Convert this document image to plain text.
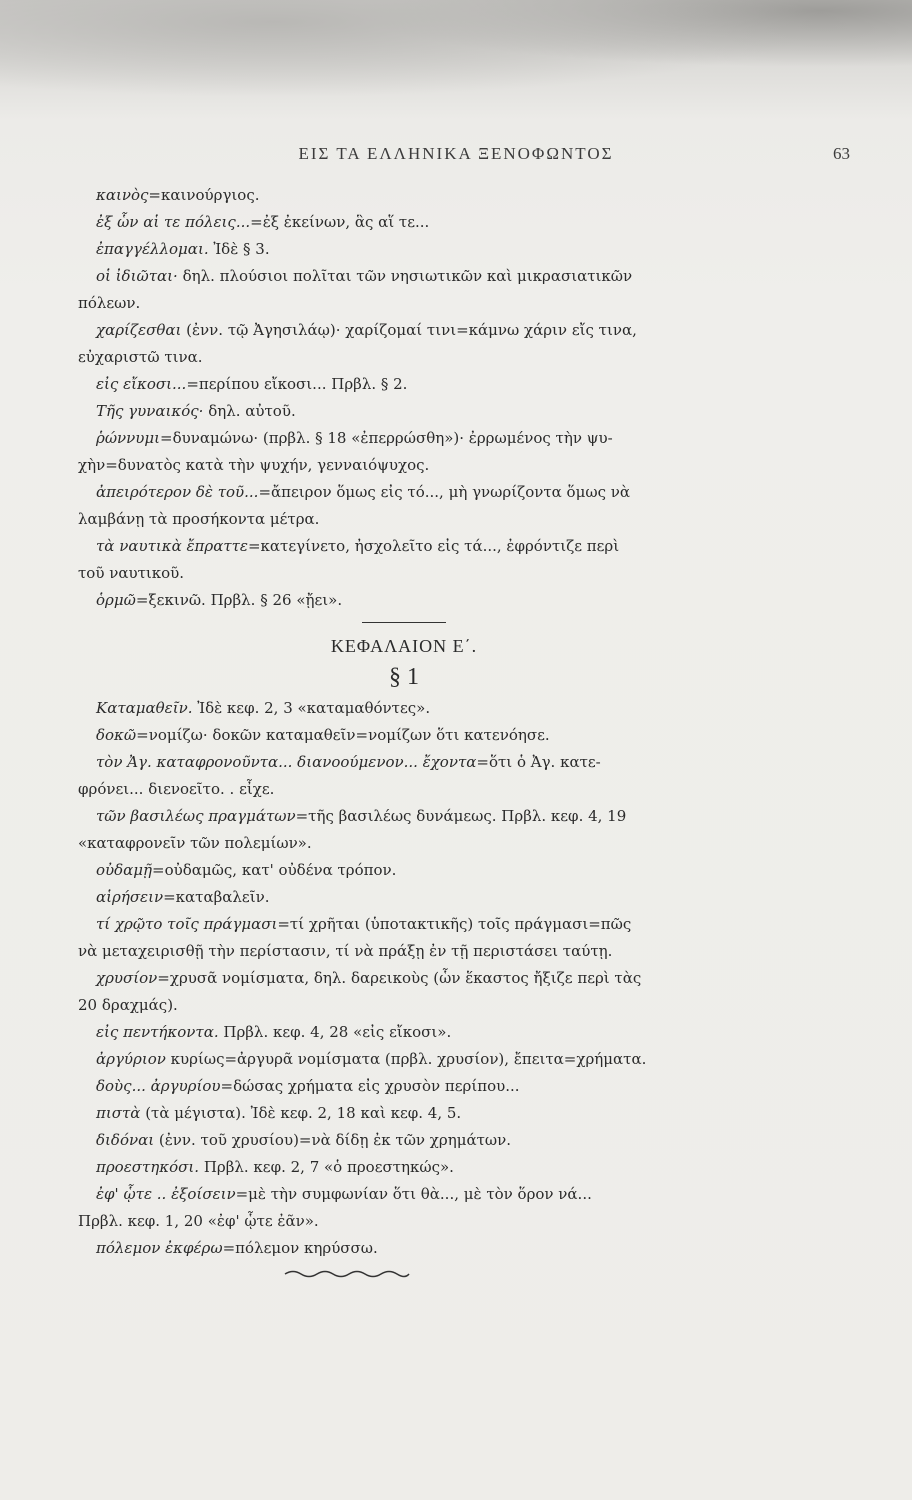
ΕΙΣ ΤΑ ΕΛΛΗΝΙΚΑ ΞΕΝΟΦΩΝΤΟΣ	63

καινὸς=καινούργιος.

ἐξ ὧν αἱ τε πόλεις...=ἐξ ἐκείνων, ἃς αἵ τε...

ἐπαγγέλλομαι. Ἰδὲ § 3.

οἱ ἰδιῶται· δηλ. πλούσιοι πολῖται τῶν νησιωτικῶν καὶ μικρασιατικῶν

πόλεων.

χαρίζεσθαι (ἐνν. τῷ Ἀγησιλάῳ)· χαρίζομαί τινι=κάμνω χάριν εἴς τινα,

εὐχαριστῶ τινα.

εἰς εἴκοσι...=περίπου εἴκοσι... Πρβλ. § 2.

Τῆς γυναικός· δηλ. αὐτοῦ.

ῥώννυμι=δυναμώνω· (πρβλ. § 18 «ἐπερρώσθη»)· ἐρρωμένος τὴν ψυ-

χὴν=δυνατὸς κατὰ τὴν ψυχήν, γενναιόψυχος.

ἀπειρότερον δὲ τοῦ...=ἄπειρον ὅμως εἰς τό..., μὴ γνωρίζοντα ὅμως νὰ

λαμβάνῃ τὰ προσήκοντα μέτρα.

τὰ ναυτικὰ ἔπραττε=κατεγίνετο, ἠσχολεῖτο εἰς τά..., ἐφρόντιζε περὶ

τοῦ ναυτικοῦ.

ὁρμῶ=ξεκινῶ. Πρβλ. § 26 «ᾔει».

ΚΕΦΑΛΑΙΟΝ Ε΄.
§ 1

Καταμαθεῖν. Ἰδὲ κεφ. 2, 3 «καταμαθόντες».

δοκῶ=νομίζω· δοκῶν καταμαθεῖν=νομίζων ὅτι κατενόησε.

τὸν Ἀγ. καταφρονοῦντα... διανοούμενον... ἔχοντα=ὅτι ὁ Ἀγ. κατε-

φρόνει... διενοεῖτο. . εἶχε.

τῶν βασιλέως πραγμάτων=τῆς βασιλέως δυνάμεως. Πρβλ. κεφ. 4, 19

«καταφρονεῖν τῶν πολεμίων».

οὐδαμῇ=οὐδαμῶς, κατ' οὐδένα τρόπον.

αἱρήσειν=καταβαλεῖν.

τί χρῷτο τοῖς πράγμασι=τί χρῆται (ὑποτακτικῆς) τοῖς πράγμασι=πῶς

νὰ μεταχειρισθῇ τὴν περίστασιν, τί νὰ πράξῃ ἐν τῇ περιστάσει ταύτῃ.

χρυσίον=χρυσᾶ νομίσματα, δηλ. δαρεικοὺς (ὧν ἕκαστος ἤξιζε περὶ τὰς

20 δραχμάς).

εἰς πεντήκοντα. Πρβλ. κεφ. 4, 28 «εἰς εἴκοσι».

ἀργύριον κυρίως=ἀργυρᾶ νομίσματα (πρβλ. χρυσίον), ἔπειτα=χρήματα.

δοὺς... ἀργυρίου=δώσας χρήματα εἰς χρυσὸν περίπου...

πιστὰ (τὰ μέγιστα). Ἰδὲ κεφ. 2, 18 καὶ κεφ. 4, 5.

διδόναι (ἐνν. τοῦ χρυσίου)=νὰ δίδῃ ἐκ τῶν χρημάτων.

προεστηκόσι. Πρβλ. κεφ. 2, 7 «ὁ προεστηκώς».

ἐφ' ᾧτε .. ἐξοίσειν=μὲ τὴν συμφωνίαν ὅτι θὰ..., μὲ τὸν ὅρον νά...

Πρβλ. κεφ. 1, 20 «ἐφ' ᾧτε ἐᾶν».

πόλεμον ἐκφέρω=πόλεμον κηρύσσω.
